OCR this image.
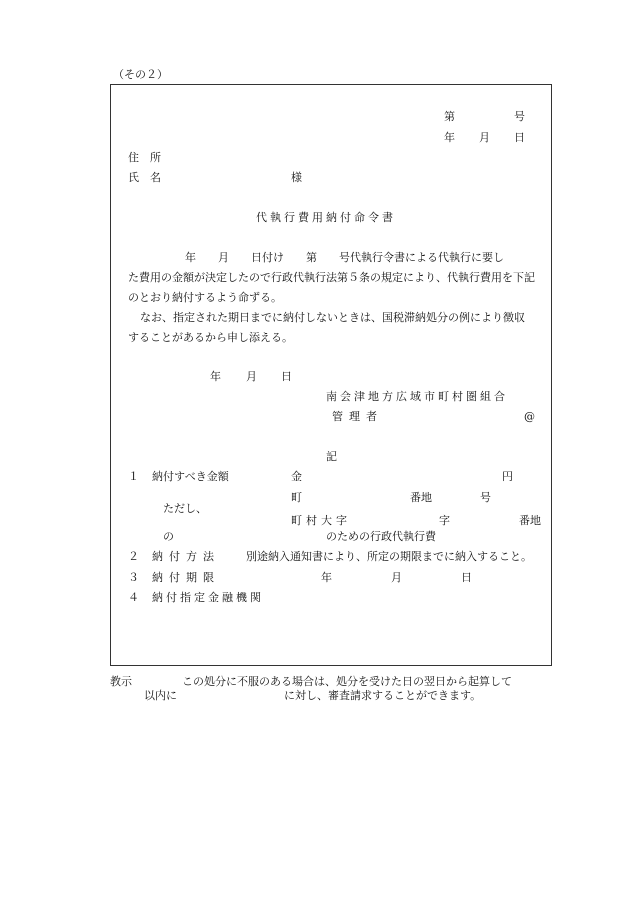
（その２）
第	号
年 月 日
住　所
氏　名	様
代執行費用納付命令書
年　　月　　日付け　　第　　号代執行令書による代執行に要し
た費用の金額が決定したので行政代執行法第５条の規定により、代執行費用を下記
のとおり納付するよう命ずる。
なお、指定された期日までに納付しないときは、国税滞納処分の例により徴収
することがあるから申し添える。
年 月 日
南会津地方広域市町村圏組合
管理者	@
記
１ 納付すべき金額	金	円
町	番地	号
ただし、
町村大字	字	番地
の	のための行政代執行費
２ 納付方法 別途納入通知書により、所定の期限までに納入すること。
３ 納付期限	年	月	日
４ 納付指定金融機関
教示	この処分に不服のある場合は、処分を受けた日の翌日から起算して
以内に	に対し、審査請求することができます。
